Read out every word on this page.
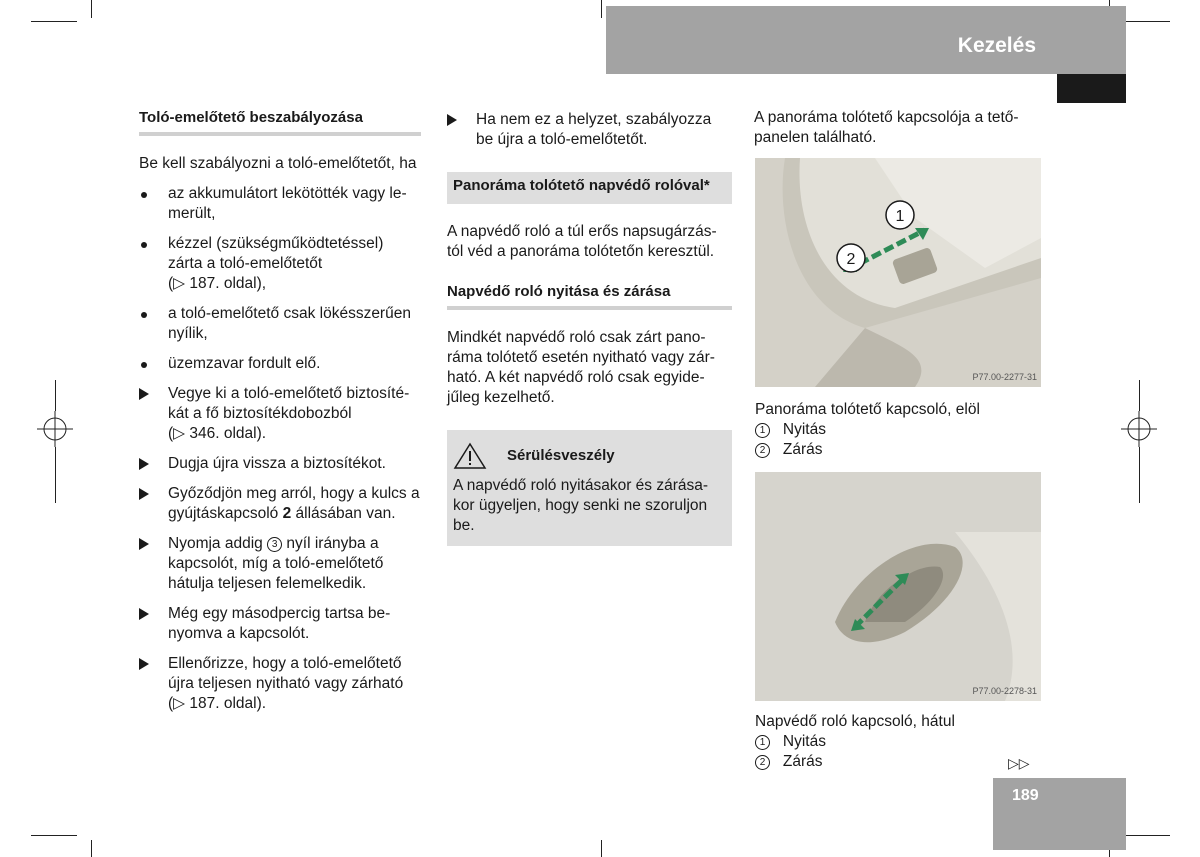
Kezelés
Toló-emelőtető beszabályozása

Be kell szabályozni a toló-emelőtetőt, ha

az akkumulátort lekötötték vagy le-merült,
kézzel (szükségműködtetéssel) zárta a toló-emelőtetőt
(▷ 187. oldal),
a toló-emelőtető csak lökésszerűen nyílik,
üzemzavar fordult elő.
Vegye ki a toló-emelőtető biztosíté-kát a fő biztosítékdobozból
(▷ 346. oldal).
Dugja újra vissza a biztosítékot.
Győződjön meg arról, hogy a kulcs a gyújtáskapcsoló 2 állásában van.
Nyomja addig 3 nyíl irányba a kapcsolót, míg a toló-emelőtető hátulja teljesen felemelkedik.
Még egy másodpercig tartsa be-nyomva a kapcsolót.
Ellenőrizze, hogy a toló-emelőtető újra teljesen nyitható vagy zárható
(▷ 187. oldal).
Ha nem ez a helyzet, szabályozza be újra a toló-emelőtetőt.
Panoráma tolótető napvédő rolóval*

A napvédő roló a túl erős napsugárzás-tól véd a panoráma tolótetőn keresztül.

Napvédő roló nyitása és zárása

Mindkét napvédő roló csak zárt pano-ráma tolótető esetén nyitható vagy zár-ható. A két napvédő roló csak egyide-jűleg kezelhető.

Sérülésveszély
A napvédő roló nyitásakor és zárása-kor ügyeljen, hogy senki ne szoruljon be.

A panoráma tolótető kapcsolója a tető-panelen található.

1
2
P77.00-2277-31

Panoráma tolótető kapcsoló, elöl

1 Nyitás

2 Zárás

P77.00-2278-31

Napvédő roló kapcsoló, hátul

1 Nyitás

2 Zárás	▷▷
189
